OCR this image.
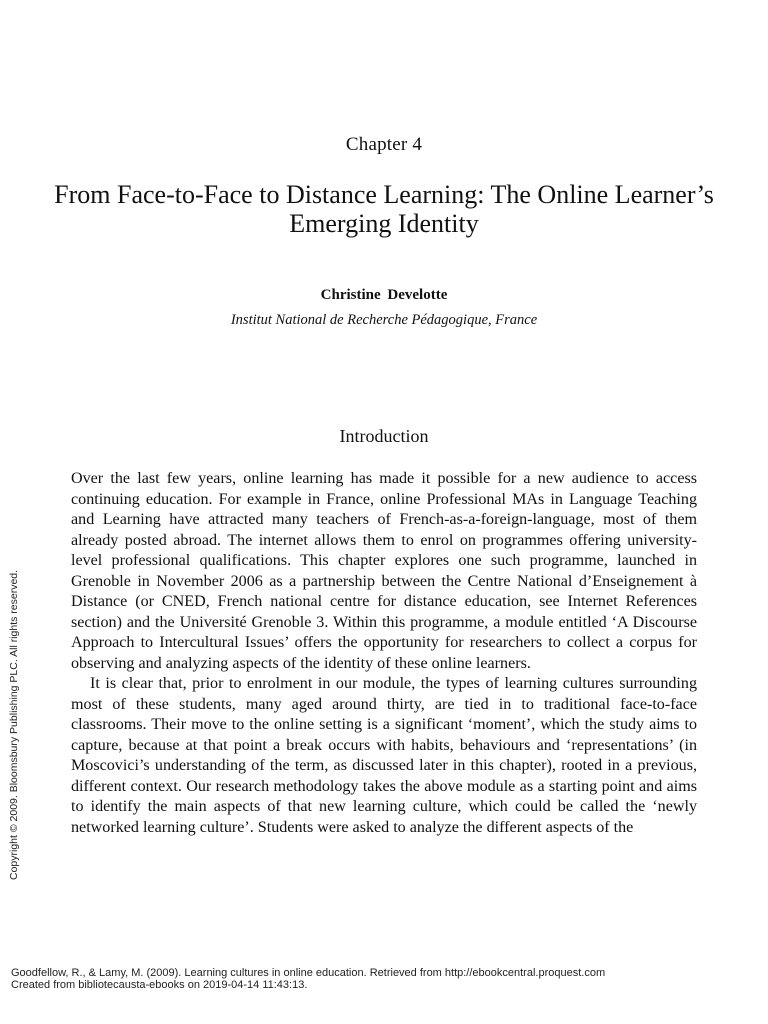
Chapter 4
From Face-to-Face to Distance Learning: The Online Learner’s Emerging Identity
Christine Develotte
Institut National de Recherche Pédagogique, France
Introduction

Over the last few years, online learning has made it possible for a new audience to access continuing education. For example in France, online Professional MAs in Language Teaching and Learning have attracted many teachers of French-as-a-foreign-language, most of them already posted abroad. The internet allows them to enrol on programmes offering university-level professional qualifications. This chapter explores one such programme, launched in Grenoble in November 2006 as a partnership between the Centre National d’Enseignement à Distance (or CNED, French national centre for distance education, see Internet References section) and the Université Grenoble 3. Within this programme, a module entitled ‘A Discourse Approach to Intercultural Issues’ offers the opportunity for researchers to collect a corpus for observing and analyzing aspects of the identity of these online learners.

It is clear that, prior to enrolment in our module, the types of learning cultures surrounding most of these students, many aged around thirty, are tied in to traditional face-to-face classrooms. Their move to the online setting is a significant ‘moment’, which the study aims to capture, because at that point a break occurs with habits, behaviours and ‘representations’ (in Moscovici’s understanding of the term, as discussed later in this chapter), rooted in a previous, different context. Our research methodology takes the above module as a starting point and aims to identify the main aspects of that new learning culture, which could be called the ‘newly networked learning culture’. Students were asked to analyze the different aspects of the

Copyright © 2009. Bloomsbury Publishing PLC. All rights reserved.
Goodfellow, R., & Lamy, M. (2009). Learning cultures in online education. Retrieved from http://ebookcentral.proquest.com
Created from bibliotecausta-ebooks on 2019-04-14 11:43:13.
